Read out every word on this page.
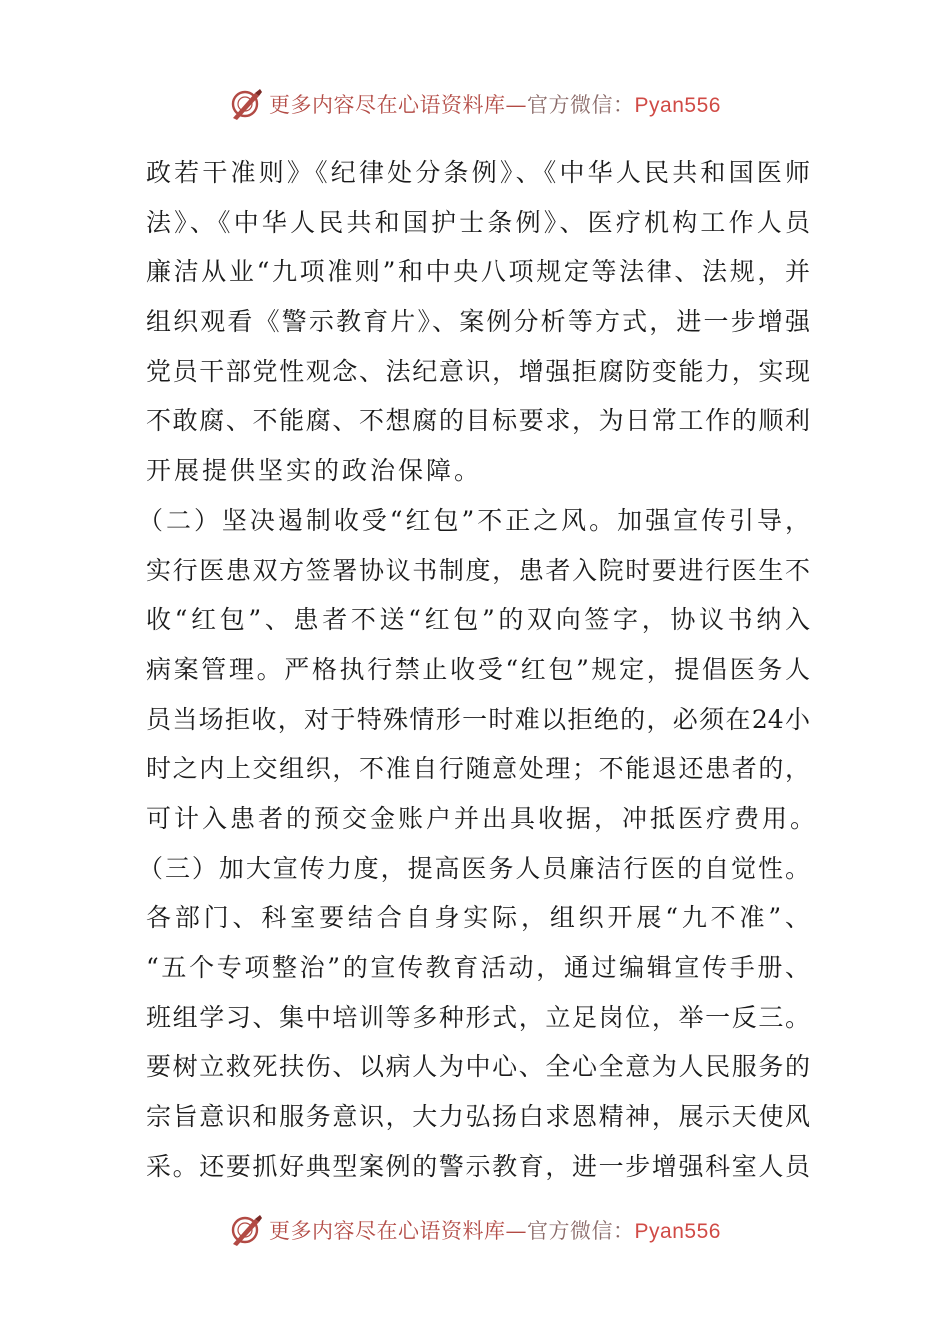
更多内容尽在心语资料库—官方微信：Pyan556
政若干准则》《纪律处分条例》、《中华人民共和国医师
法》、《中华人民共和国护士条例》、医疗机构工作人员
廉洁从业“九项准则”和中央八项规定等法律、法规，并
组织观看《警示教育片》、案例分析等方式，进一步增强
党员干部党性观念、法纪意识，增强拒腐防变能力，实现
不敢腐、不能腐、不想腐的目标要求，为日常工作的顺利
开展提供坚实的政治保障。
（二）坚决遏制收受“红包”不正之风。加强宣传引导，
实行医患双方签署协议书制度，患者入院时要进行医生不
收“红包”、患者不送“红包”的双向签字，协议书纳入
病案管理。严格执行禁止收受“红包”规定，提倡医务人
员当场拒收，对于特殊情形一时难以拒绝的，必须在24小
时之内上交组织，不准自行随意处理；不能退还患者的，
可计入患者的预交金账户并出具收据，冲抵医疗费用。
（三）加大宣传力度，提高医务人员廉洁行医的自觉性。
各部门、科室要结合自身实际，组织开展“九不准”、
“五个专项整治”的宣传教育活动，通过编辑宣传手册、
班组学习、集中培训等多种形式，立足岗位，举一反三。
要树立救死扶伤、以病人为中心、全心全意为人民服务的
宗旨意识和服务意识，大力弘扬白求恩精神，展示天使风
采。还要抓好典型案例的警示教育，进一步增强科室人员
更多内容尽在心语资料库—官方微信：Pyan556
